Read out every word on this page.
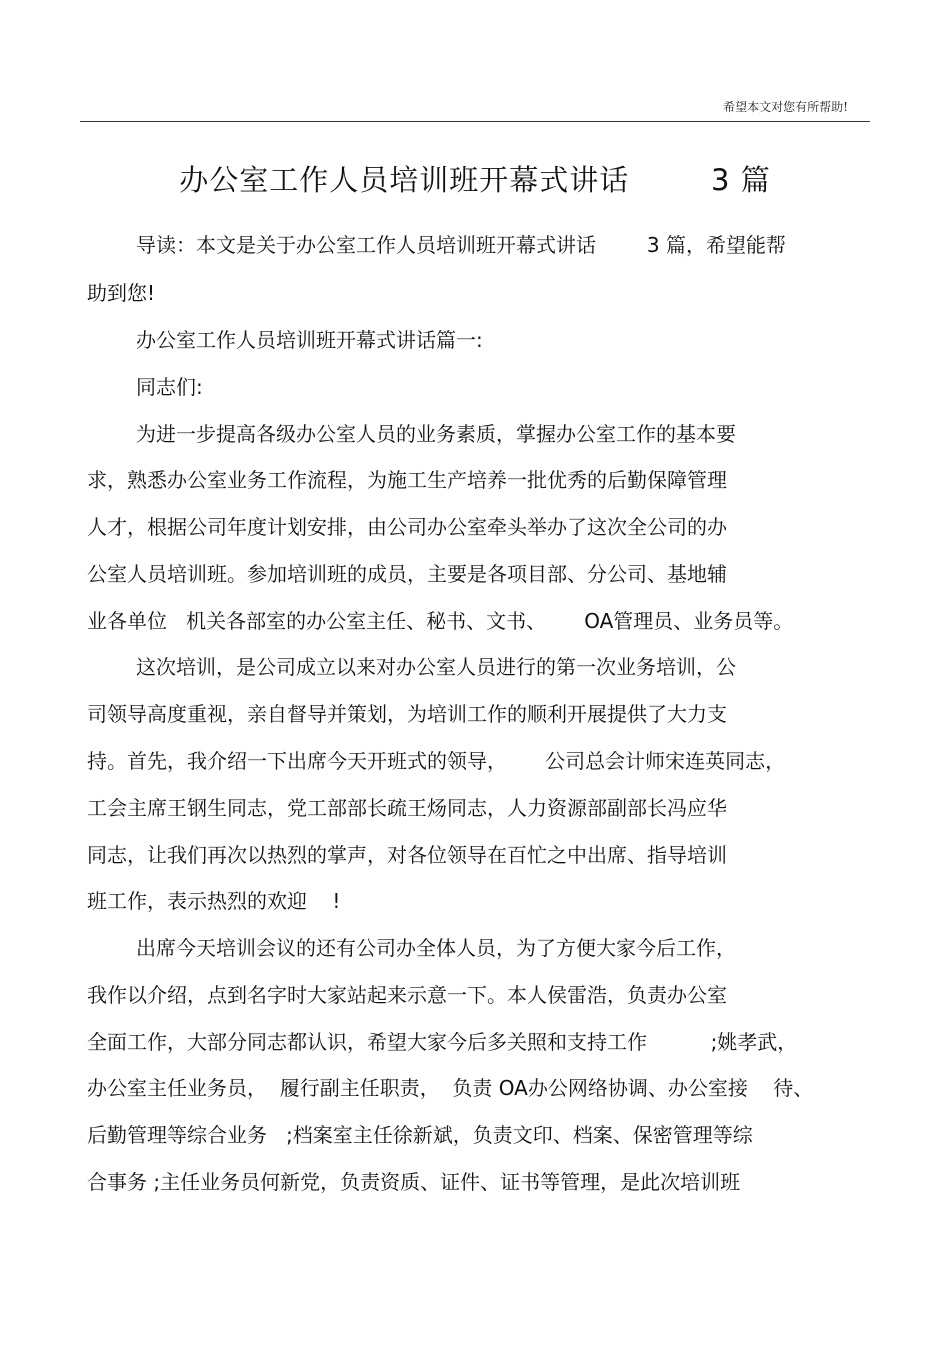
希望本文对您有所帮助!
办公室工作人员培训班开幕式讲话        3 篇
导读：本文是关于办公室工作人员培训班开幕式讲话        3 篇，希望能帮
助到您!
办公室工作人员培训班开幕式讲话篇一:
同志们:
为进一步提高各级办公室人员的业务素质，掌握办公室工作的基本要
求，熟悉办公室业务工作流程，为施工生产培养一批优秀的后勤保障管理
人才，根据公司年度计划安排，由公司办公室牵头举办了这次全公司的办
公室人员培训班。参加培训班的成员，主要是各项目部、分公司、基地辅
业各单位   机关各部室的办公室主任、秘书、文书、      OA管理员、业务员等。
这次培训，是公司成立以来对办公室人员进行的第一次业务培训，公
司领导高度重视，亲自督导并策划，为培训工作的顺利开展提供了大力支
持。首先，我介绍一下出席今天开班式的领导，      公司总会计师宋连英同志，
工会主席王钢生同志，党工部部长疏王炀同志，人力资源部副部长冯应华
同志，让我们再次以热烈的掌声，对各位领导在百忙之中出席、指导培训
班工作，表示热烈的欢迎    !
出席今天培训会议的还有公司办全体人员，为了方便大家今后工作，
我作以介绍，点到名字时大家站起来示意一下。本人侯雷浩，负责办公室
全面工作，大部分同志都认识，希望大家今后多关照和支持工作          ;姚孝武，
办公室主任业务员，  履行副主任职责，  负责 OA办公网络协调、办公室接    待、
后勤管理等综合业务   ;档案室主任徐新斌，负责文印、档案、保密管理等综
合事务 ;主任业务员何新党，负责资质、证件、证书等管理，是此次培训班
